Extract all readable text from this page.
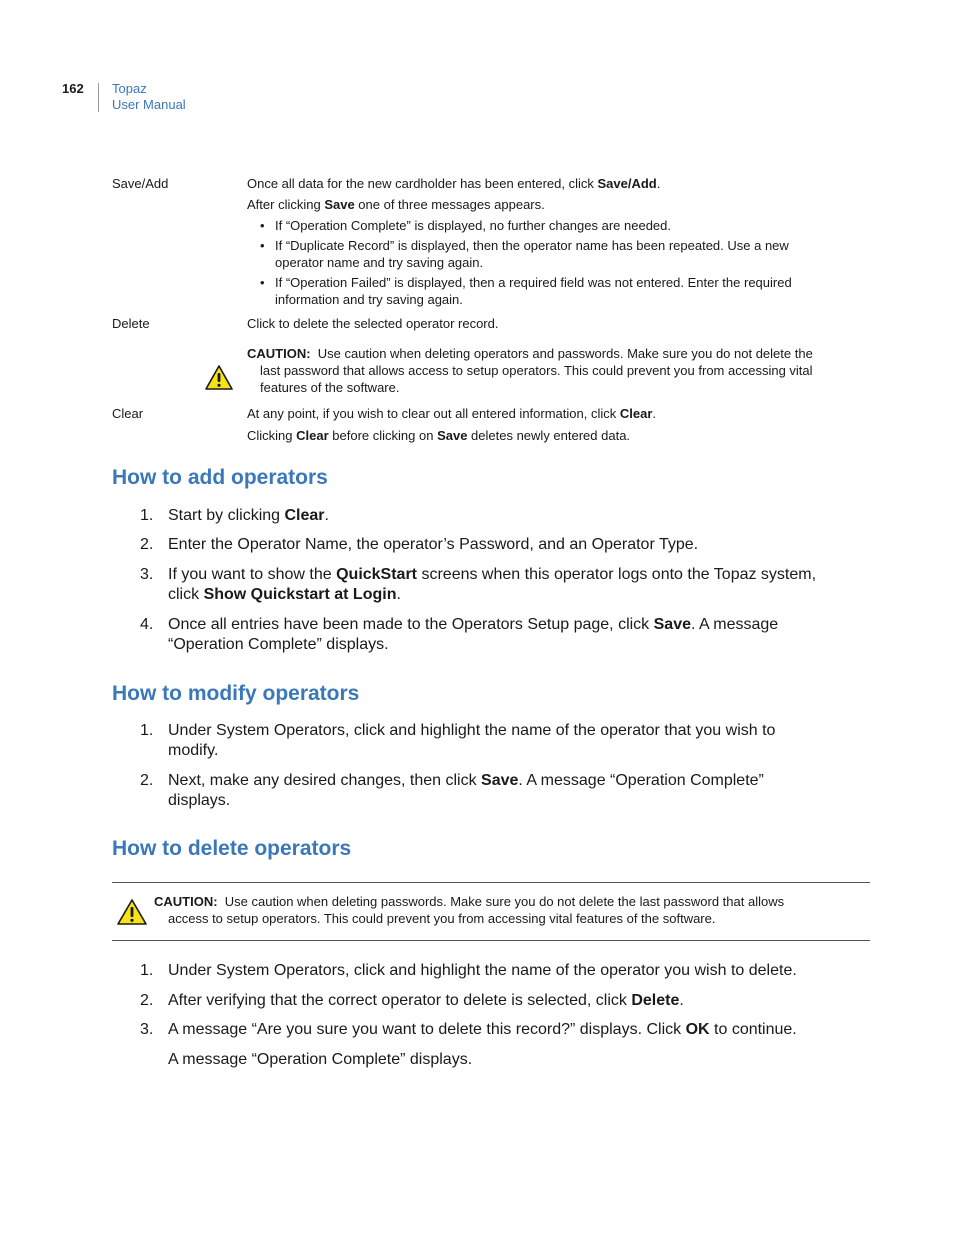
162 Topaz
User Manual
Save/Add	Once all data for the new cardholder has been entered, click Save/Add.
After clicking Save one of three messages appears.
• If “Operation Complete” is displayed, no further changes are needed.
• If “Duplicate Record” is displayed, then the operator name has been repeated. Use a new
operator name and try saving again.
• If “Operation Failed” is displayed, then a required field was not entered. Enter the required
information and try saving again.
Delete	Click to delete the selected operator record.
CAUTION:  Use caution when deleting operators and passwords. Make sure you do not delete the
last password that allows access to setup operators. This could prevent you from accessing vital
features of the software.
Clear	At any point, if you wish to clear out all entered information, click Clear.
Clicking Clear before clicking on Save deletes newly entered data.
How to add operators
1. Start by clicking Clear.
2. Enter the Operator Name, the operator’s Password, and an Operator Type.
3. If you want to show the QuickStart screens when this operator logs onto the Topaz system,
click Show Quickstart at Login.
4. Once all entries have been made to the Operators Setup page, click Save. A message
“Operation Complete” displays.
How to modify operators
1. Under System Operators, click and highlight the name of the operator that you wish to
modify.
2. Next, make any desired changes, then click Save. A message “Operation Complete”
displays.
How to delete operators
CAUTION:  Use caution when deleting passwords. Make sure you do not delete the last password that allows
access to setup operators. This could prevent you from accessing vital features of the software.
1. Under System Operators, click and highlight the name of the operator you wish to delete.
2. After verifying that the correct operator to delete is selected, click Delete.
3. A message “Are you sure you want to delete this record?” displays. Click OK to continue.
A message “Operation Complete” displays.
